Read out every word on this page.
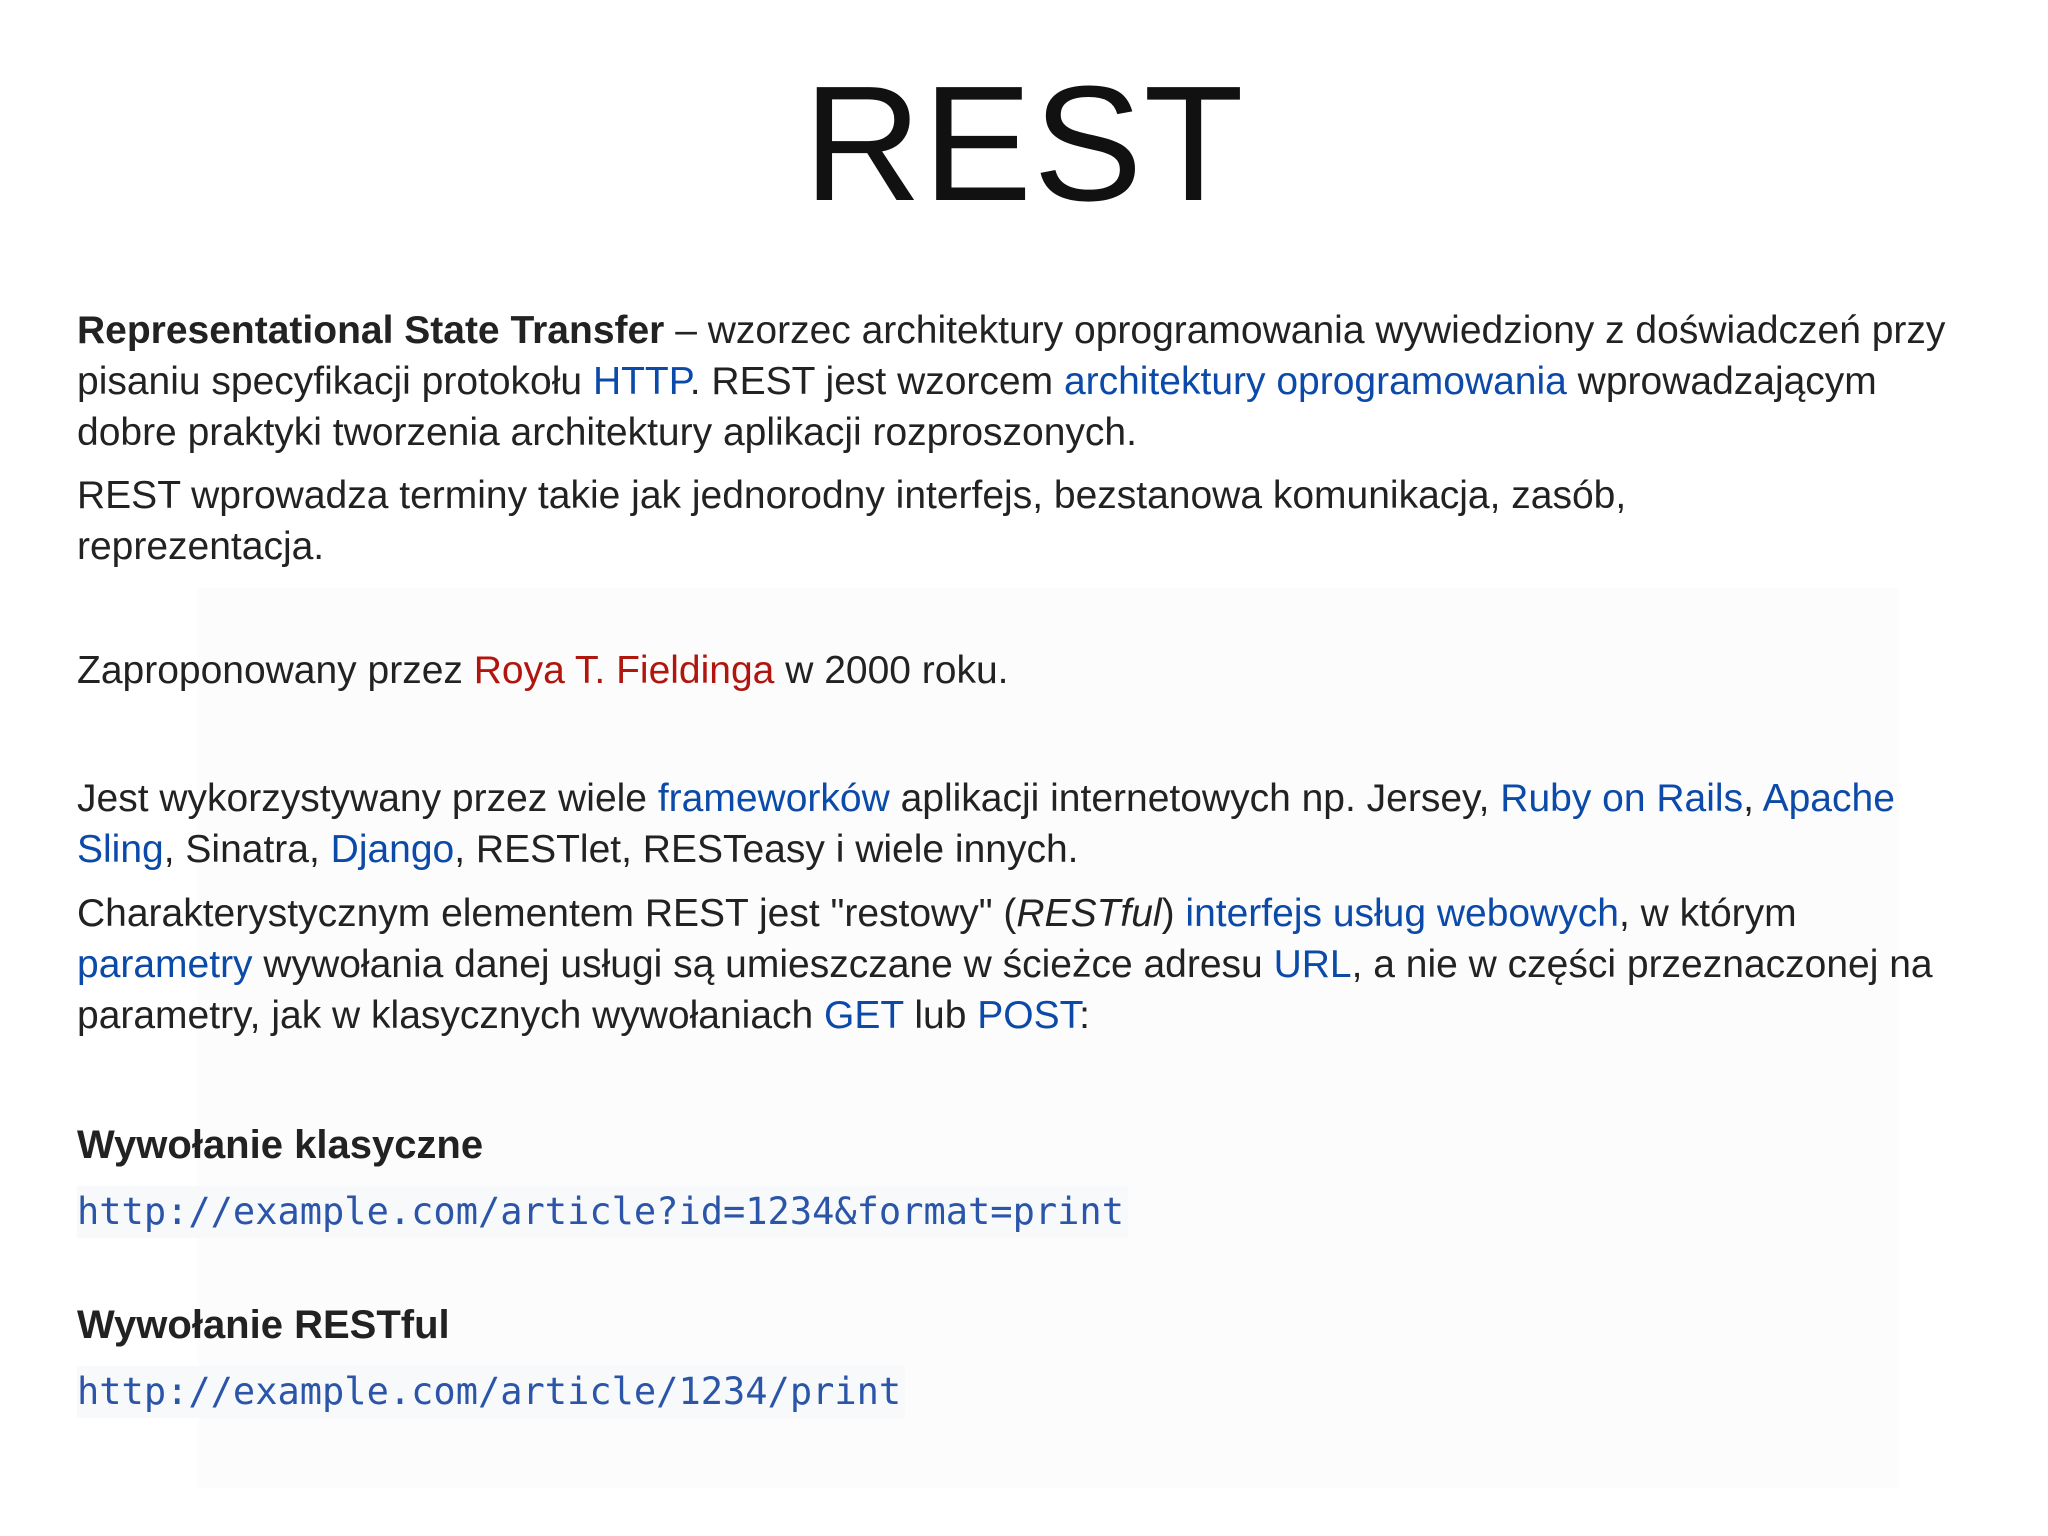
REST

Representational State Transfer – wzorzec architektury oprogramowania wywiedziony z doświadczeń przy pisaniu specyfikacji protokołu HTTP. REST jest wzorcem architektury oprogramowania wprowadzającym dobre praktyki tworzenia architektury aplikacji rozproszonych.

REST wprowadza terminy takie jak jednorodny interfejs, bezstanowa komunikacja, zasób, reprezentacja.

Zaproponowany przez Roya T. Fieldinga w 2000 roku.

Jest wykorzystywany przez wiele frameworków aplikacji internetowych np. Jersey, Ruby on Rails, Apache Sling, Sinatra, Django, RESTlet, RESTeasy i wiele innych.

Charakterystycznym elementem REST jest "restowy" (RESTful) interfejs usług webowych, w którym parametry wywołania danej usługi są umieszczane w ścieżce adresu URL, a nie w części przeznaczonej na parametry, jak w klasycznych wywołaniach GET lub POST:

Wywołanie klasyczne
http://example.com/article?id=1234&format=print
Wywołanie RESTful
http://example.com/article/1234/print
